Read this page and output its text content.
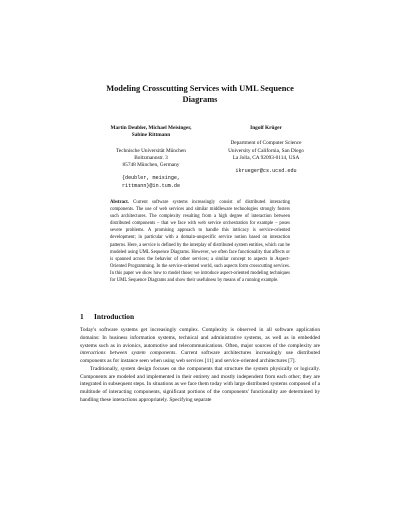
Modeling Crosscutting Services with UML Sequence Diagrams
Martin Deubler, Michael Meisinger,
Sabine Rittmann
Technische Universität München
Boltzmannstr. 3
85748 München, Germany
{deubler, meisinge,
rittmann}@in.tum.de
Ingolf Krüger
Department of Computer Science
University of California, San Diego
La Jolla, CA 92093-0114, USA
ikrueger@cs.ucsd.edu
Abstract. Current software systems increasingly consist of distributed interacting components. The use of web services and similar middleware technologies strongly fosters such architectures. The complexity resulting from a high degree of interaction between distributed components – that we face with web service orchestration for example – poses severe problems. A promising approach to handle this intricacy is service-oriented development; in particular with a domain-unspecific service notion based on interaction patterns. Here, a service is defined by the interplay of distributed system entities, which can be modeled using UML Sequence Diagrams. However, we often face functionality that affects or is spanned across the behavior of other services; a similar concept to aspects in Aspect-Oriented Programming. In the service-oriented world, such aspects form crosscutting services. In this paper we show how to model those; we introduce aspect-oriented modeling techniques for UML Sequence Diagrams and show their usefulness by means of a running example.
1 Introduction

Today's software systems get increasingly complex. Complexity is observed in all software application domains: In business information systems, technical and administrative systems, as well as in embedded systems such as in avionics, automotive and telecommunications. Often, major sources of the complexity are interactions between system components. Current software architectures increasingly use distributed components as for instance seen when using web services [11] and service-oriented architectures [7].

Traditionally, system design focuses on the components that structure the system physically or logically. Components are modeled and implemented in their entirety and mostly independent from each other; they are integrated in subsequent steps. In situations as we face them today with large distributed systems composed of a multitude of interacting components, significant portions of the components' functionality are determined by handling these interactions appropriately. Specifying separate
